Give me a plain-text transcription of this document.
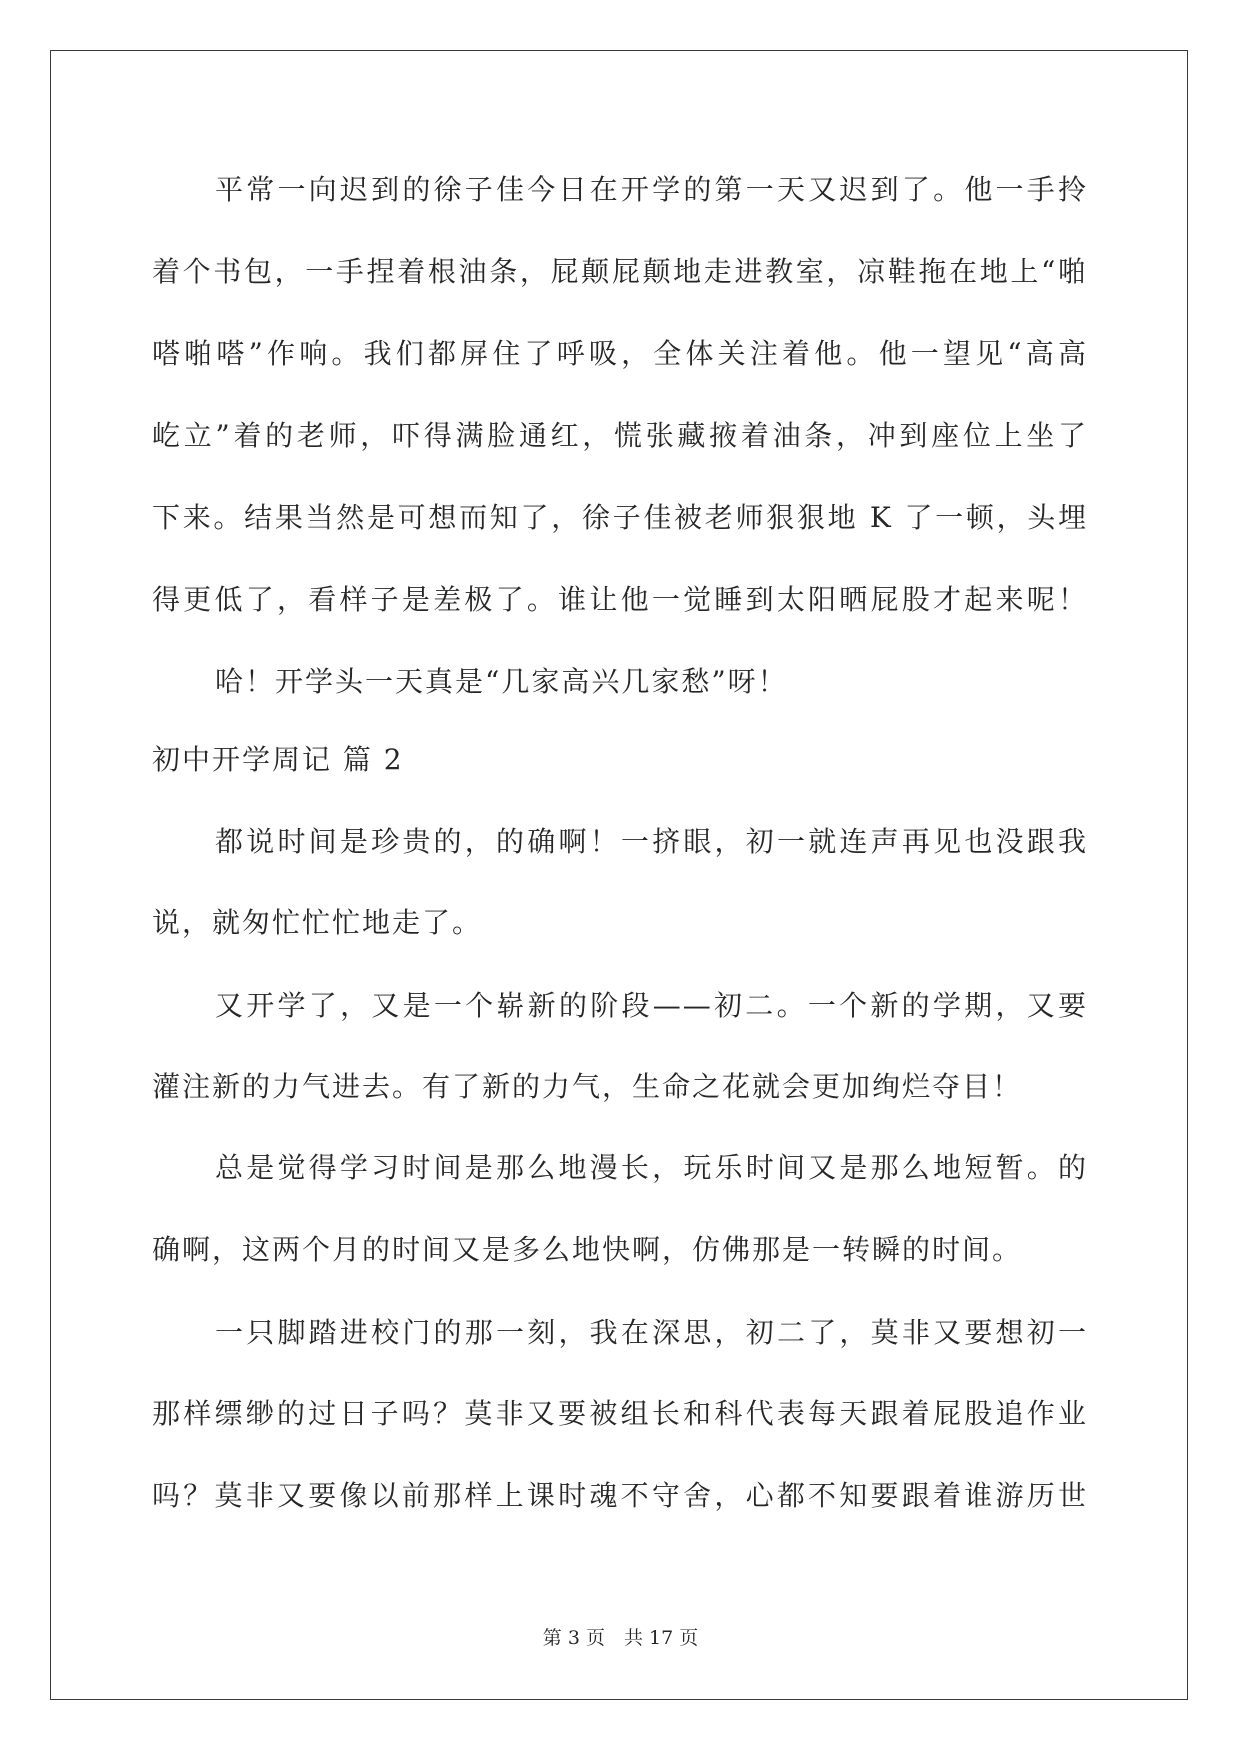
平常一向迟到的徐子佳今日在开学的第一天又迟到了。他一手拎
着个书包，一手捏着根油条，屁颠屁颠地走进教室，凉鞋拖在地上“啪
嗒啪嗒”作响。我们都屏住了呼吸，全体关注着他。他一望见“高高
屹立”着的老师，吓得满脸通红，慌张藏掖着油条，冲到座位上坐了
下来。结果当然是可想而知了，徐子佳被老师狠狠地 K 了一顿，头埋
得更低了，看样子是差极了。谁让他一觉睡到太阳晒屁股才起来呢！
哈！开学头一天真是“几家高兴几家愁”呀！
初中开学周记 篇 2
都说时间是珍贵的，的确啊！一挤眼，初一就连声再见也没跟我
说，就匆忙忙忙地走了。
又开学了，又是一个崭新的阶段——初二。一个新的学期，又要
灌注新的力气进去。有了新的力气，生命之花就会更加绚烂夺目！
总是觉得学习时间是那么地漫长，玩乐时间又是那么地短暂。的
确啊，这两个月的时间又是多么地快啊，仿佛那是一转瞬的时间。
一只脚踏进校门的那一刻，我在深思，初二了，莫非又要想初一
那样缥缈的过日子吗？莫非又要被组长和科代表每天跟着屁股追作业
吗？莫非又要像以前那样上课时魂不守舍，心都不知要跟着谁游历世
第 3 页　共 17 页
